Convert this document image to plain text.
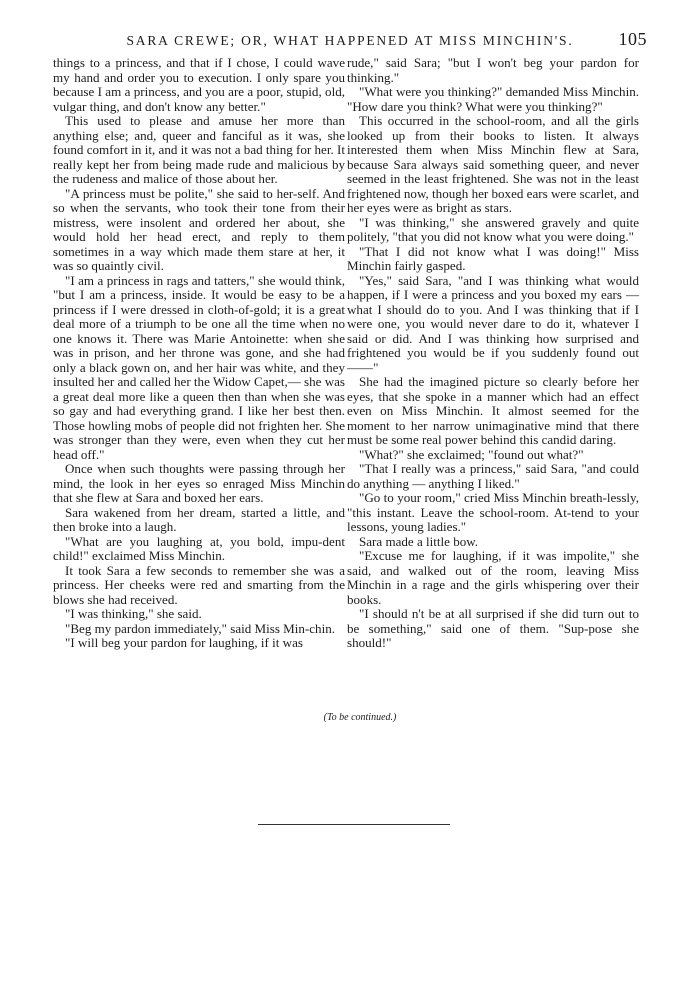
SARA CREWE; OR, WHAT HAPPENED AT MISS MINCHIN'S.	105

things to a princess, and that if I chose, I could wave my hand and order you to execution. I only spare you because I am a princess, and you are a poor, stupid, old, vulgar thing, and don't know any better."

This used to please and amuse her more than anything else; and, queer and fanciful as it was, she found comfort in it, and it was not a bad thing for her. It really kept her from being made rude and malicious by the rudeness and malice of those about her.

"A princess must be polite," she said to her-self. And so when the servants, who took their tone from their mistress, were insolent and ordered her about, she would hold her head erect, and reply to them sometimes in a way which made them stare at her, it was so quaintly civil.

"I am a princess in rags and tatters," she would think, "but I am a princess, inside. It would be easy to be a princess if I were dressed in cloth-of-gold; it is a great deal more of a triumph to be one all the time when no one knows it. There was Marie Antoinette: when she was in prison, and her throne was gone, and she had only a black gown on, and her hair was white, and they insulted her and called her the Widow Capet,— she was a great deal more like a queen then than when she was so gay and had everything grand. I like her best then. Those howling mobs of people did not frighten her. She was stronger than they were, even when they cut her head off."

Once when such thoughts were passing through her mind, the look in her eyes so enraged Miss Minchin that she flew at Sara and boxed her ears.

Sara wakened from her dream, started a little, and then broke into a laugh.

"What are you laughing at, you bold, impu-dent child!" exclaimed Miss Minchin.

It took Sara a few seconds to remember she was a princess. Her cheeks were red and smarting from the blows she had received.

"I was thinking," she said.

"Beg my pardon immediately," said Miss Min-chin.

"I will beg your pardon for laughing, if it was

rude," said Sara; "but I won't beg your pardon for thinking."

"What were you thinking?" demanded Miss Minchin. "How dare you think? What were you thinking?"

This occurred in the school-room, and all the girls looked up from their books to listen. It always interested them when Miss Minchin flew at Sara, because Sara always said something queer, and never seemed in the least frightened. She was not in the least frightened now, though her boxed ears were scarlet, and her eyes were as bright as stars.

"I was thinking," she answered gravely and quite politely, "that you did not know what you were doing."

"That I did not know what I was doing!" Miss Minchin fairly gasped.

"Yes," said Sara, "and I was thinking what would happen, if I were a princess and you boxed my ears — what I should do to you. And I was thinking that if I were one, you would never dare to do it, whatever I said or did. And I was thinking how surprised and frightened you would be if you suddenly found out ——"

She had the imagined picture so clearly before her eyes, that she spoke in a manner which had an effect even on Miss Minchin. It almost seemed for the moment to her narrow unimaginative mind that there must be some real power behind this candid daring.

"What?" she exclaimed; "found out what?"

"That I really was a princess," said Sara, "and could do anything — anything I liked."

"Go to your room," cried Miss Minchin breath-lessly, "this instant. Leave the school-room. At-tend to your lessons, young ladies."

Sara made a little bow.

"Excuse me for laughing, if it was impolite," she said, and walked out of the room, leaving Miss Minchin in a rage and the girls whispering over their books.

"I should n't be at all surprised if she did turn out to be something," said one of them. "Sup-pose she should!"

(To be continued.)
